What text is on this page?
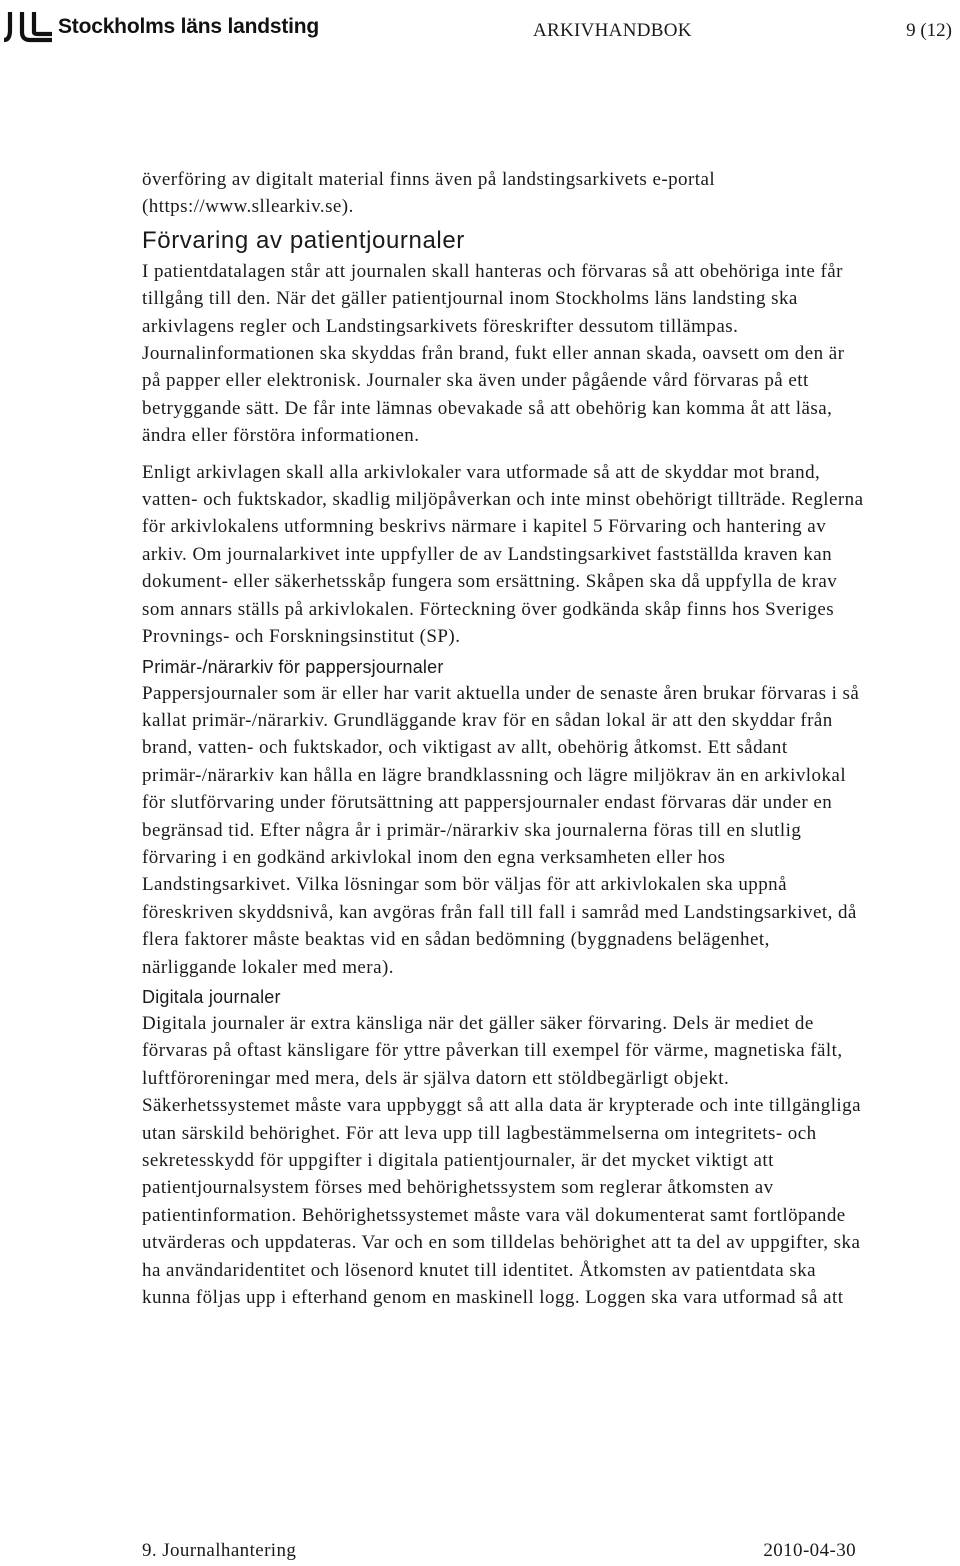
Stockholms läns landsting	ARKIVHANDBOK	9 (12)

överföring av digitalt material finns även på landstingsarkivets e-portal

(https://www.sllearkiv.se).

Förvaring av patientjournaler

I patientdatalagen står att journalen skall hanteras och förvaras så att obehöriga inte får tillgång till den. När det gäller patientjournal inom Stockholms läns landsting ska arkivlagens regler och Landstingsarkivets föreskrifter dessutom tillämpas. Journalinformationen ska skyddas från brand, fukt eller annan skada, oavsett om den är på papper eller elektronisk. Journaler ska även under pågående vård förvaras på ett betryggande sätt. De får inte lämnas obevakade så att obehörig kan komma åt att läsa, ändra eller förstöra informationen.

Enligt arkivlagen skall alla arkivlokaler vara utformade så att de skyddar mot brand, vatten- och fuktskador, skadlig miljöpåverkan och inte minst obehörigt tillträde. Reglerna för arkivlokalens utformning beskrivs närmare i kapitel 5 Förvaring och hantering av arkiv. Om journalarkivet inte uppfyller de av Landstingsarkivet fastställda kraven kan dokument- eller säkerhetsskåp fungera som ersättning. Skåpen ska då uppfylla de krav som annars ställs på arkivlokalen. Förteckning över godkända skåp finns hos Sveriges Provnings- och Forskningsinstitut (SP).

Primär-/närarkiv för pappersjournaler

Pappersjournaler som är eller har varit aktuella under de senaste åren brukar förvaras i så kallat primär-/närarkiv. Grundläggande krav för en sådan lokal är att den skyddar från brand, vatten- och fuktskador, och viktigast av allt, obehörig åtkomst. Ett sådant primär-/närarkiv kan hålla en lägre brandklassning och lägre miljökrav än en arkivlokal för slutförvaring under förutsättning att pappersjournaler endast förvaras där under en begränsad tid. Efter några år i primär-/närarkiv ska journalerna föras till en slutlig förvaring i en godkänd arkivlokal inom den egna verksamheten eller hos Landstingsarkivet. Vilka lösningar som bör väljas för att arkivlokalen ska uppnå föreskriven skyddsnivå, kan avgöras från fall till fall i samråd med Landstingsarkivet, då flera faktorer måste beaktas vid en sådan bedömning (byggnadens belägenhet, närliggande lokaler med mera).

Digitala journaler

Digitala journaler är extra känsliga när det gäller säker förvaring. Dels är mediet de förvaras på oftast känsligare för yttre påverkan till exempel för värme, magnetiska fält, luftföroreningar med mera, dels är själva datorn ett stöldbegärligt objekt. Säkerhetssystemet måste vara uppbyggt så att alla data är krypterade och inte tillgängliga utan särskild behörighet. För att leva upp till lagbestämmelserna om integritets- och sekretesskydd för uppgifter i digitala patientjournaler, är det mycket viktigt att patientjournalsystem förses med behörighetssystem som reglerar åtkomsten av patientinformation. Behörighetssystemet måste vara väl dokumenterat samt fortlöpande utvärderas och uppdateras. Var och en som tilldelas behörighet att ta del av uppgifter, ska ha användaridentitet och lösenord knutet till identitet. Åtkomsten av patientdata ska kunna följas upp i efterhand genom en maskinell logg. Loggen ska vara utformad så att

9. Journalhantering	2010-04-30
